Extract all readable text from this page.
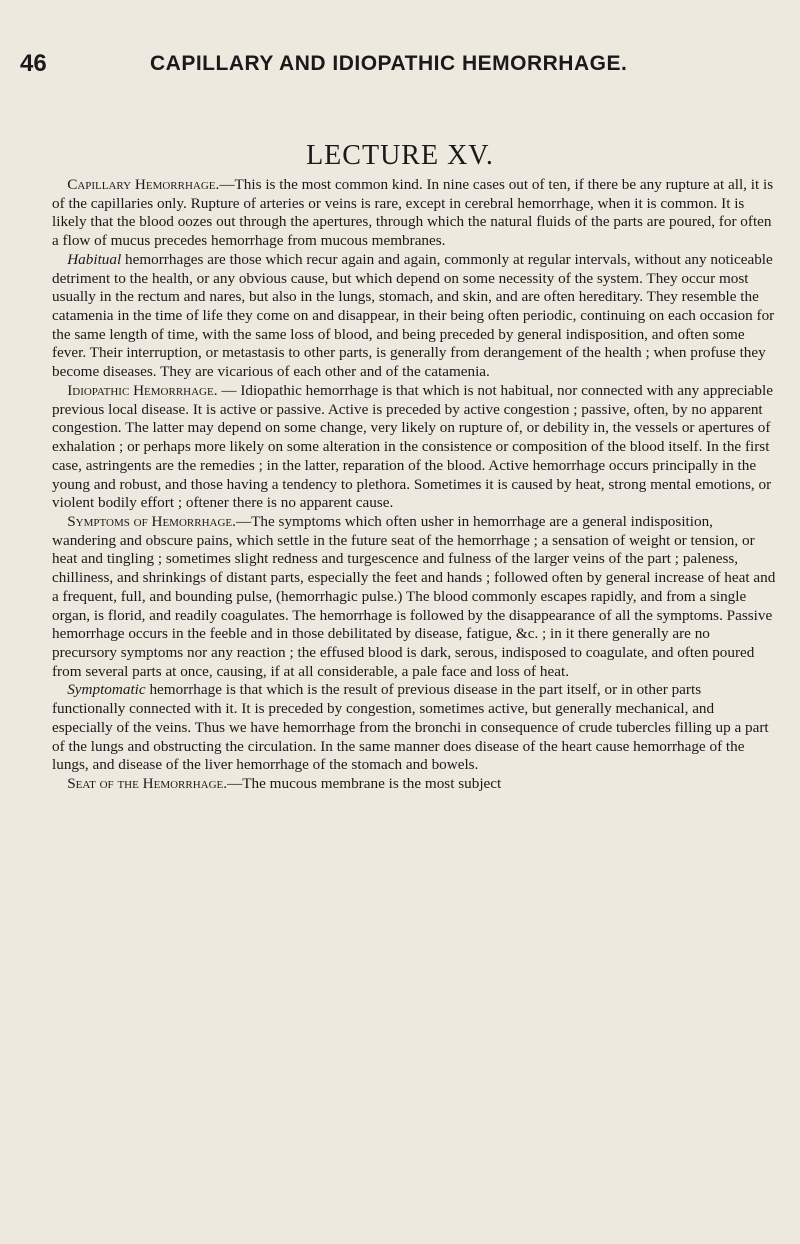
46	CAPILLARY AND IDIOPATHIC HEMORRHAGE.
LECTURE XV.

Capillary Hemorrhage.—This is the most common kind. In nine cases out of ten, if there be any rupture at all, it is of the capillaries only. Rupture of arteries or veins is rare, except in cerebral hemorrhage, when it is common. It is likely that the blood oozes out through the apertures, through which the natural fluids of the parts are poured, for often a flow of mucus precedes hemorrhage from mucous membranes.

Habitual hemorrhages are those which recur again and again, commonly at regular intervals, without any noticeable detriment to the health, or any obvious cause, but which depend on some necessity of the system. They occur most usually in the rectum and nares, but also in the lungs, stomach, and skin, and are often hereditary. They resemble the catamenia in the time of life they come on and disappear, in their being often periodic, continuing on each occasion for the same length of time, with the same loss of blood, and being preceded by general indisposition, and often some fever. Their interruption, or metastasis to other parts, is generally from derangement of the health ; when profuse they become diseases. They are vicarious of each other and of the catamenia.

Idiopathic Hemorrhage. — Idiopathic hemorrhage is that which is not habitual, nor connected with any appreciable previous local disease. It is active or passive. Active is preceded by active congestion ; passive, often, by no apparent congestion. The latter may depend on some change, very likely on rupture of, or debility in, the vessels or apertures of exhalation ; or perhaps more likely on some alteration in the consistence or composition of the blood itself. In the first case, astringents are the remedies ; in the latter, reparation of the blood. Active hemorrhage occurs principally in the young and robust, and those having a tendency to plethora. Sometimes it is caused by heat, strong mental emotions, or violent bodily effort ; oftener there is no apparent cause.

Symptoms of Hemorrhage.—The symptoms which often usher in hemorrhage are a general indisposition, wandering and obscure pains, which settle in the future seat of the hemorrhage ; a sensation of weight or tension, or heat and tingling ; sometimes slight redness and turgescence and fulness of the larger veins of the part ; paleness, chilliness, and shrinkings of distant parts, especially the feet and hands ; followed often by general increase of heat and a frequent, full, and bounding pulse, (hemorrhagic pulse.) The blood commonly escapes rapidly, and from a single organ, is florid, and readily coagulates. The hemorrhage is followed by the disappearance of all the symptoms. Passive hemorrhage occurs in the feeble and in those debilitated by disease, fatigue, &c. ; in it there generally are no precursory symptoms nor any reaction ; the effused blood is dark, serous, indisposed to coagulate, and often poured from several parts at once, causing, if at all considerable, a pale face and loss of heat.

Symptomatic hemorrhage is that which is the result of previous disease in the part itself, or in other parts functionally connected with it. It is preceded by congestion, sometimes active, but generally mechanical, and especially of the veins. Thus we have hemorrhage from the bronchi in consequence of crude tubercles filling up a part of the lungs and obstructing the circulation. In the same manner does disease of the heart cause hemorrhage of the lungs, and disease of the liver hemorrhage of the stomach and bowels.

Seat of the Hemorrhage.—The mucous membrane is the most subject
